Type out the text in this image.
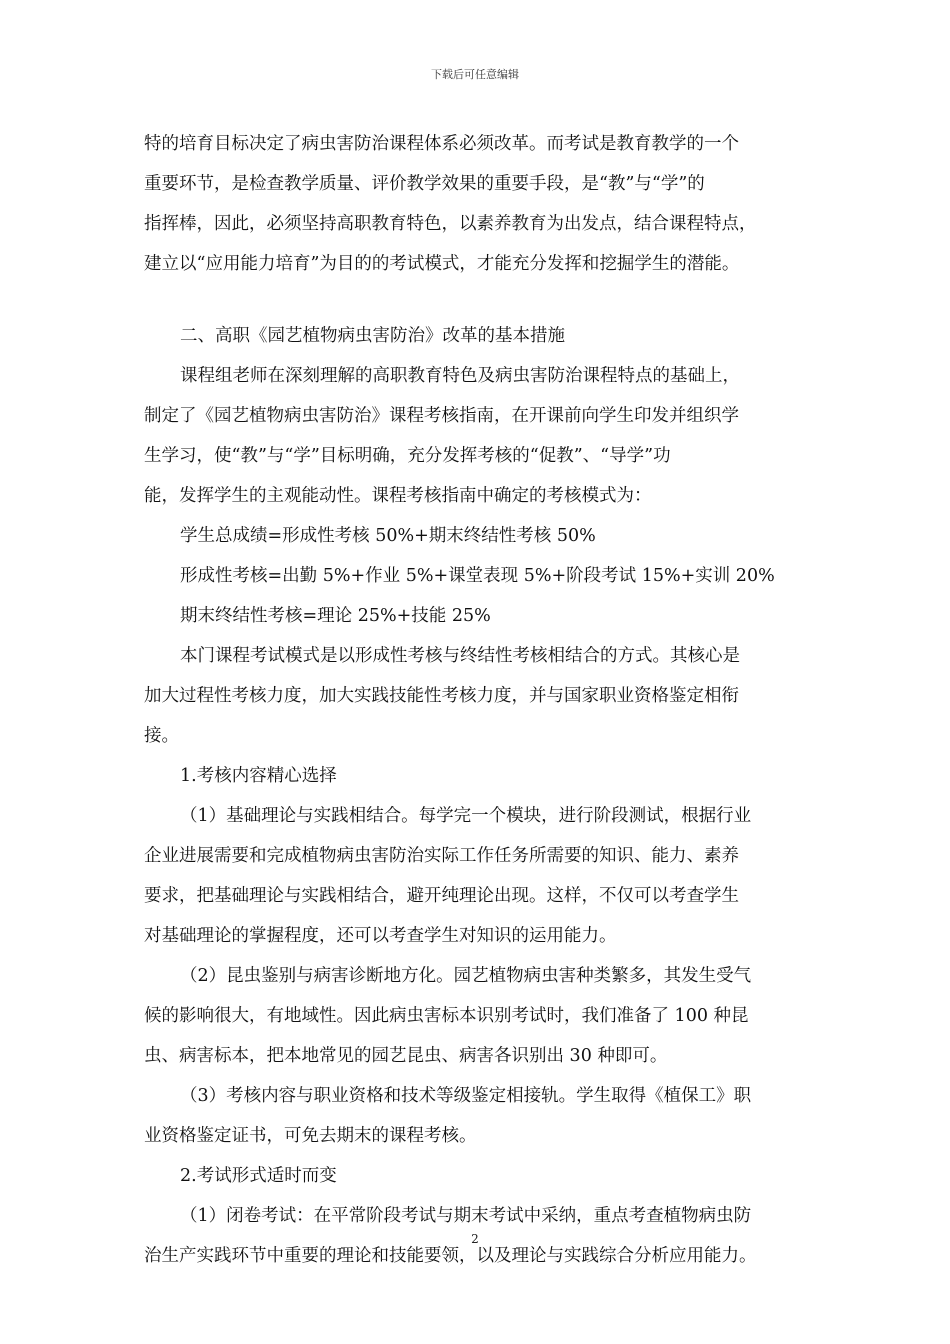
下载后可任意编辑

特的培育目标决定了病虫害防治课程体系必须改革。而考试是教育教学的一个

重要环节，是检查教学质量、评价教学效果的重要手段，是“教”与“学”的

指挥棒，因此，必须坚持高职教育特色，以素养教育为出发点，结合课程特点，

建立以“应用能力培育”为目的的考试模式，才能充分发挥和挖掘学生的潜能。

二、高职《园艺植物病虫害防治》改革的基本措施

课程组老师在深刻理解的高职教育特色及病虫害防治课程特点的基础上，

制定了《园艺植物病虫害防治》课程考核指南，在开课前向学生印发并组织学

生学习，使“教”与“学”目标明确，充分发挥考核的“促教”、“导学”功

能，发挥学生的主观能动性。课程考核指南中确定的考核模式为：

学生总成绩=形成性考核 50%+期末终结性考核 50%

形成性考核=出勤 5%+作业 5%+课堂表现 5%+阶段考试 15%+实训 20%

期末终结性考核=理论 25%+技能 25%

本门课程考试模式是以形成性考核与终结性考核相结合的方式。其核心是

加大过程性考核力度，加大实践技能性考核力度，并与国家职业资格鉴定相衔

接。

1.考核内容精心选择

（1）基础理论与实践相结合。每学完一个模块，进行阶段测试，根据行业

企业进展需要和完成植物病虫害防治实际工作任务所需要的知识、能力、素养

要求，把基础理论与实践相结合，避开纯理论出现。这样，不仅可以考查学生

对基础理论的掌握程度，还可以考查学生对知识的运用能力。

（2）昆虫鉴别与病害诊断地方化。园艺植物病虫害种类繁多，其发生受气

候的影响很大，有地域性。因此病虫害标本识别考试时，我们准备了 100 种昆

虫、病害标本，把本地常见的园艺昆虫、病害各识别出 30 种即可。

（3）考核内容与职业资格和技术等级鉴定相接轨。学生取得《植保工》职

业资格鉴定证书，可免去期末的课程考核。

2.考试形式适时而变

（1）闭卷考试：在平常阶段考试与期末考试中采纳，重点考查植物病虫防

治生产实践环节中重要的理论和技能要领，以及理论与实践综合分析应用能力。

2
